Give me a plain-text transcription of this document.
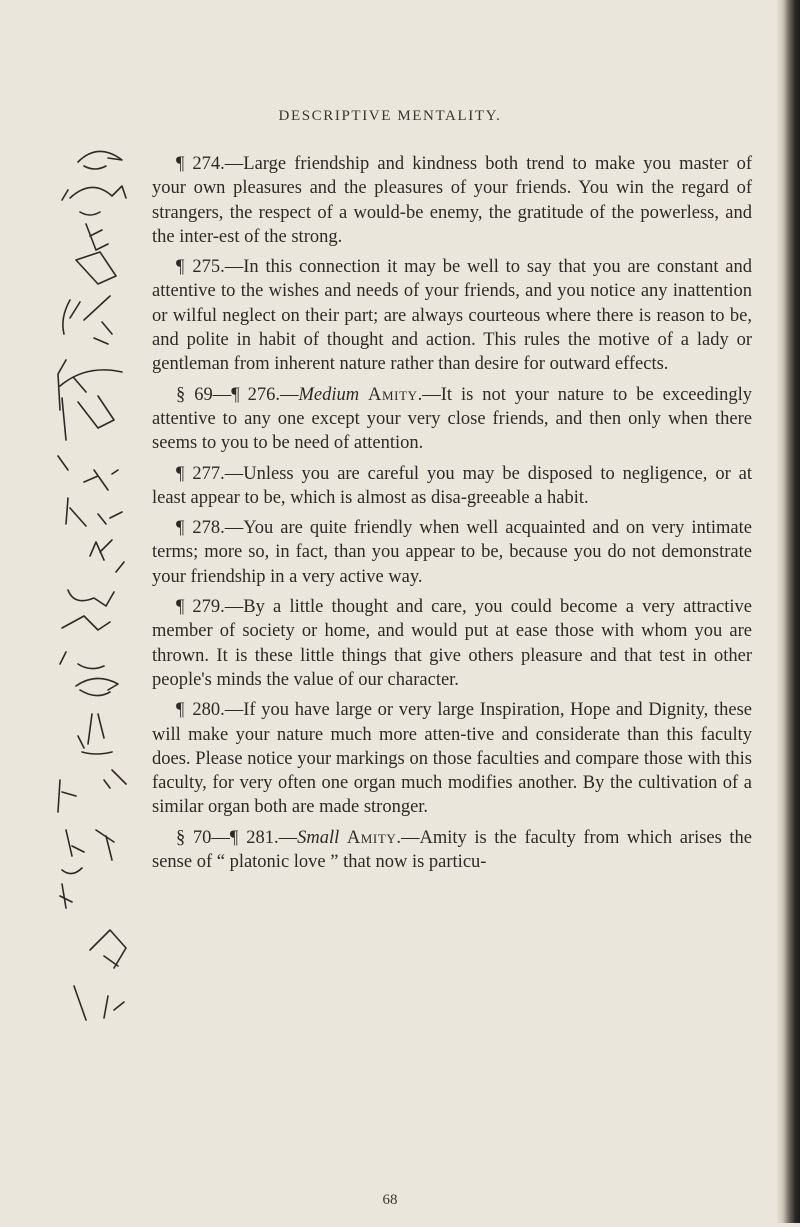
DESCRIPTIVE MENTALITY.

¶ 274.—Large friendship and kindness both trend to make you master of your own pleasures and the pleasures of your friends. You win the regard of strangers, the respect of a would-be enemy, the gratitude of the powerless, and the inter-est of the strong.

¶ 275.—In this connection it may be well to say that you are constant and attentive to the wishes and needs of your friends, and you notice any inattention or wilful neglect on their part; are always courteous where there is reason to be, and polite in habit of thought and action. This rules the motive of a lady or gentleman from inherent nature rather than desire for outward effects.

§ 69—¶ 276.—Medium Amity.—It is not your nature to be exceedingly attentive to any one except your very close friends, and then only when there seems to you to be need of attention.

¶ 277.—Unless you are careful you may be disposed to negligence, or at least appear to be, which is almost as disa-greeable a habit.

¶ 278.—You are quite friendly when well acquainted and on very intimate terms; more so, in fact, than you appear to be, because you do not demonstrate your friendship in a very active way.

¶ 279.—By a little thought and care, you could become a very attractive member of society or home, and would put at ease those with whom you are thrown. It is these little things that give others pleasure and that test in other people's minds the value of our character.

¶ 280.—If you have large or very large Inspiration, Hope and Dignity, these will make your nature much more atten-tive and considerate than this faculty does. Please notice your markings on those faculties and compare those with this faculty, for very often one organ much modifies another. By the cultivation of a similar organ both are made stronger.

§ 70—¶ 281.—Small Amity.—Amity is the faculty from which arises the sense of “ platonic love ” that now is particu-

68
